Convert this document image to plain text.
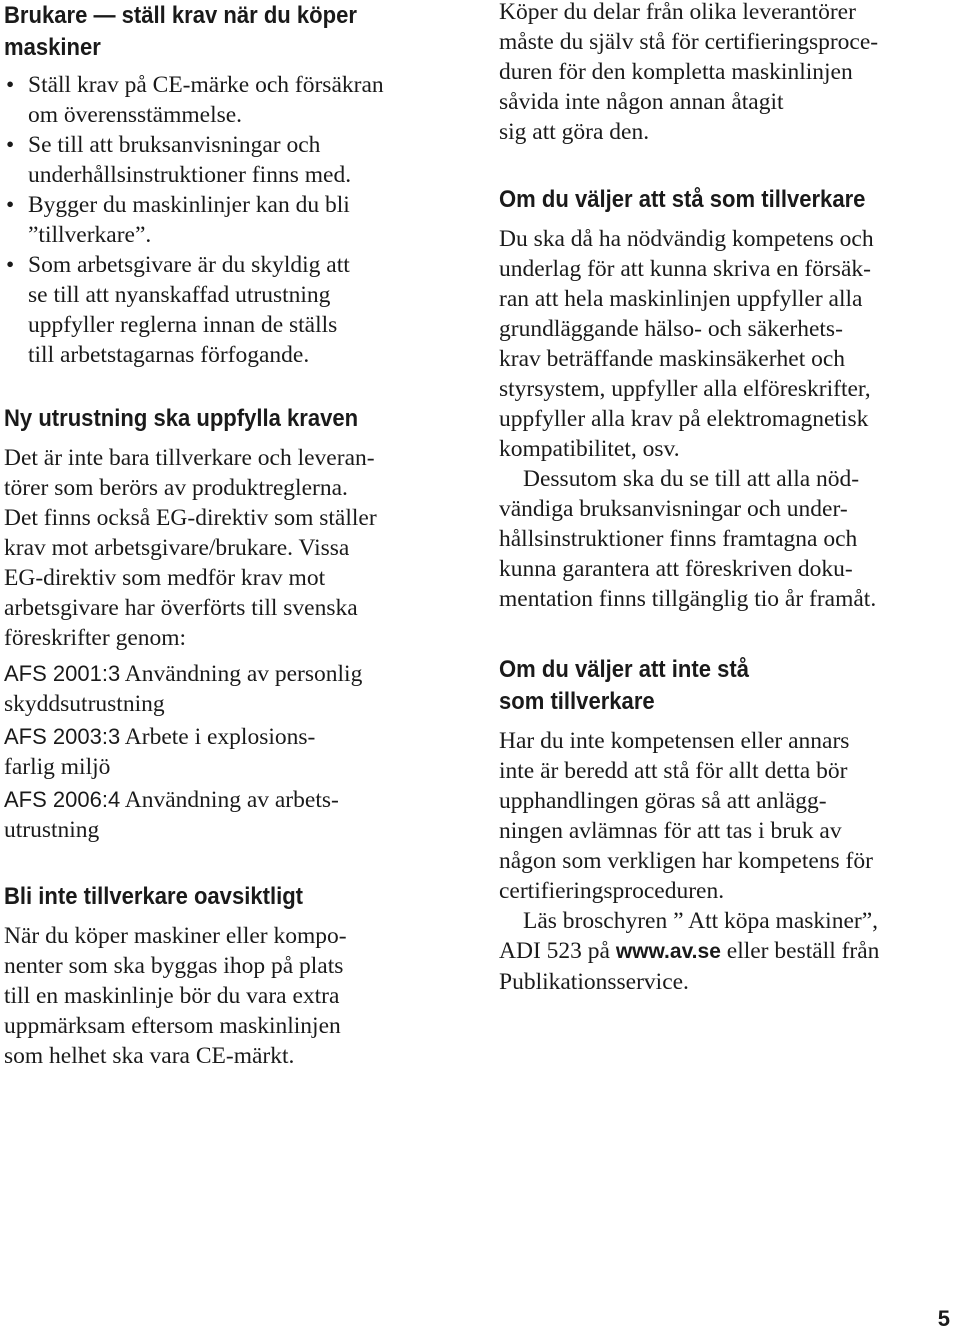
Brukare — ställ krav när du köper

maskiner

• Ställ krav på CE-märke och försäkran
om överensstämmelse.
• Se till att bruksanvisningar och
underhållsinstruktioner finns med.
• Bygger du maskinlinjer kan du bli
”tillverkare”.
• Som arbetsgivare är du skyldig att
se till att nyanskaffad utrustning
uppfyller reglerna innan de ställs
till arbetstagarnas förfogande.

Ny utrustning ska uppfylla kraven

Det är inte bara tillverkare och leveran-
törer som berörs av produktreglerna.
Det finns också EG-direktiv som ställer
krav mot arbetsgivare/brukare. Vissa
EG-direktiv som medför krav mot
arbetsgivare har överförts till svenska
föreskrifter genom:
AFS 2001:3 Användning av personlig
skyddsutrustning
AFS 2003:3 Arbete i explosions-
farlig miljö
AFS 2006:4 Användning av arbets-
utrustning

Bli inte tillverkare oavsiktligt

När du köper maskiner eller kompo-
nenter som ska byggas ihop på plats
till en maskinlinje bör du vara extra
uppmärksam eftersom maskinlinjen
som helhet ska vara CE-märkt.
Köper du delar från olika leverantörer
måste du själv stå för certifieringsproce-
duren för den kompletta maskinlinjen
såvida inte någon annan åtagit
sig att göra den.

Om du väljer att stå som tillverkare

Du ska då ha nödvändig kompetens och
underlag för att kunna skriva en försäk-
ran att hela maskinlinjen uppfyller alla
grundläggande hälso- och säkerhets-
krav beträffande maskinsäkerhet och
styrsystem, uppfyller alla elföreskrifter,
uppfyller alla krav på elektromagnetisk
kompatibilitet, osv.
Dessutom ska du se till att alla nöd-
vändiga bruksanvisningar och under-
hållsinstruktioner finns framtagna och
kunna garantera att föreskriven doku-
mentation finns tillgänglig tio år framåt.

Om du väljer att inte stå

som tillverkare

Har du inte kompetensen eller annars
inte är beredd att stå för allt detta bör
upphandlingen göras så att anlägg-
ningen avlämnas för att tas i bruk av
någon som verkligen har kompetens för
certifieringsproceduren.
Läs broschyren ” Att köpa maskiner”,
ADI 523 på www.av.se eller beställ från
Publikationsservice.
5
